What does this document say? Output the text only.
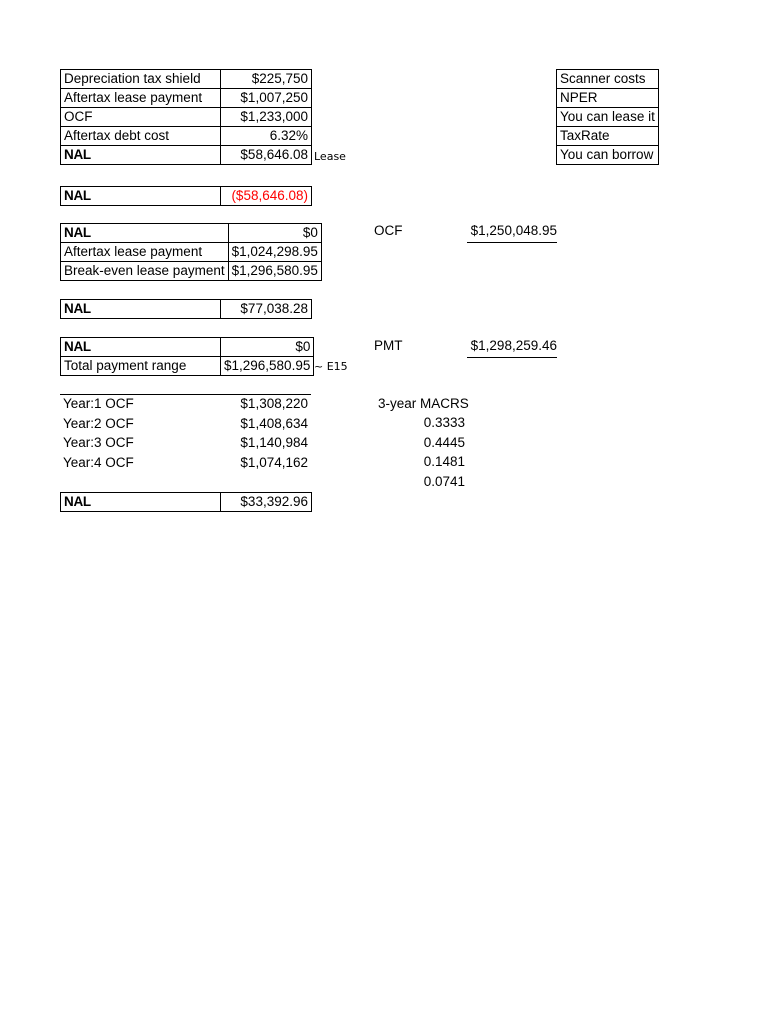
Depreciation tax shield	$225,750
Aftertax lease payment	$1,007,250
OCF	$1,233,000
Aftertax debt cost	6.32%
NAL	$58,646.08 Lease
Scanner costs
NPER
You can lease it
TaxRate
You can borrow
NAL	($58,646.08)
NAL	$0
Aftertax lease payment	$1,024,298.95
Break-even lease payment	$1,296,580.95
OCF	$1,250,048.95
NAL	$77,038.28
NAL	$0
Total payment range	$1,296,580.95 ~ E15
PMT	$1,298,259.46
Year:1 OCF	$1,308,220
Year:2 OCF	$1,408,634
Year:3 OCF	$1,140,984
Year:4 OCF	$1,074,162
3-year MACRS
0.3333
0.4445
0.1481
0.0741
NAL	$33,392.96
